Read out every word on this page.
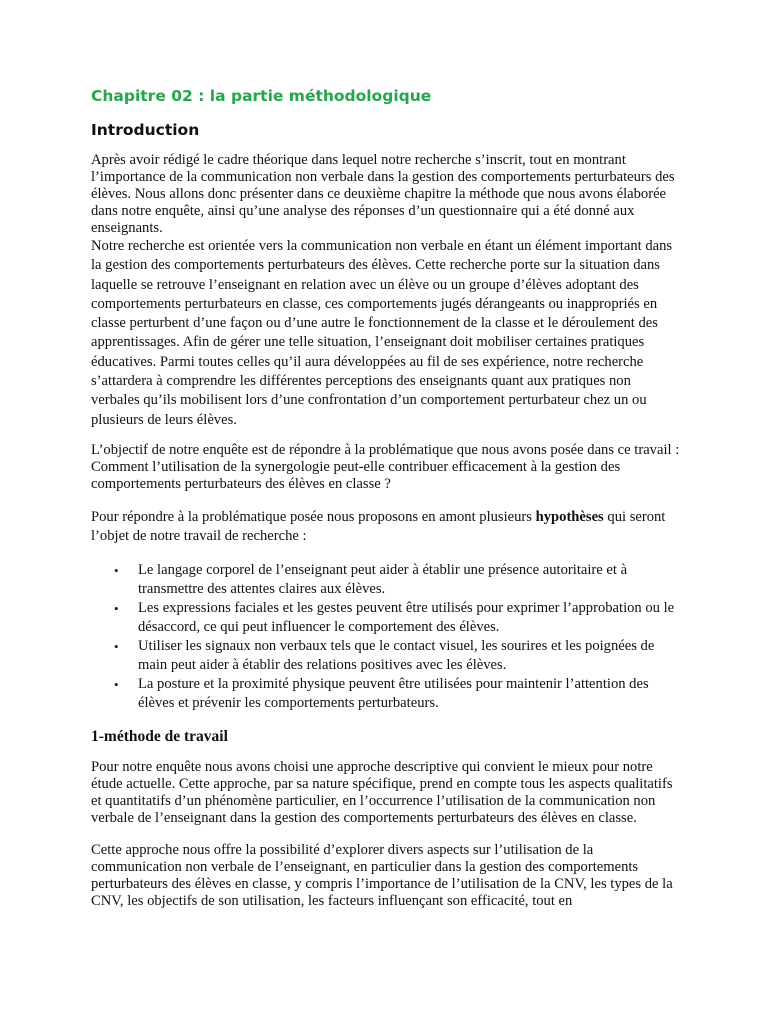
Chapitre 02 : la partie méthodologique
Introduction

Après avoir rédigé le cadre théorique dans lequel notre recherche s’inscrit, tout en montrant l’importance de la communication non verbale dans la gestion des comportements perturbateurs des élèves. Nous allons donc présenter dans ce deuxième chapitre la méthode que nous avons élaborée dans notre enquête, ainsi qu’une analyse des réponses d’un questionnaire qui a été donné aux enseignants.

Notre recherche est orientée vers la communication non verbale en étant un élément important dans la gestion des comportements perturbateurs des élèves. Cette recherche porte sur la situation dans laquelle se retrouve l’enseignant en relation avec un élève ou un groupe d’élèves adoptant des comportements perturbateurs en classe, ces comportements jugés dérangeants ou inappropriés en classe perturbent d’une façon ou d’une autre le fonctionnement de la classe et le déroulement des apprentissages. Afin de gérer une telle situation, l’enseignant doit mobiliser certaines pratiques éducatives. Parmi toutes celles qu’il aura développées au fil de ses expérience, notre recherche s’attardera à comprendre les différentes perceptions des enseignants quant aux pratiques non verbales qu’ils mobilisent lors d’une confrontation d’un comportement perturbateur chez un ou plusieurs de leurs élèves.

L’objectif de notre enquête est de répondre à la problématique que nous avons posée dans ce travail : Comment l’utilisation de la synergologie peut-elle contribuer efficacement à la gestion des comportements perturbateurs des élèves en classe ?

Pour répondre à la problématique posée nous proposons en amont plusieurs hypothèses qui seront l’objet de notre travail de recherche :

• Le langage corporel de l’enseignant peut aider à établir une présence autoritaire et à transmettre des attentes claires aux élèves.
• Les expressions faciales et les gestes peuvent être utilisés pour exprimer l’approbation ou le désaccord, ce qui peut influencer le comportement des élèves.
• Utiliser les signaux non verbaux tels que le contact visuel, les sourires et les poignées de main peut aider à établir des relations positives avec les élèves.
• La posture et la proximité physique peuvent être utilisées pour maintenir l’attention des élèves et prévenir les comportements perturbateurs.
1-méthode de travail

Pour notre enquête nous avons choisi une approche descriptive qui convient le mieux pour notre étude actuelle. Cette approche, par sa nature spécifique, prend en compte tous les aspects qualitatifs et quantitatifs d’un phénomène particulier, en l’occurrence l’utilisation de la communication non verbale de l’enseignant dans la gestion des comportements perturbateurs des élèves en classe.

Cette approche nous offre la possibilité d’explorer divers aspects sur l’utilisation de la communication non verbale de l’enseignant, en particulier dans la gestion des comportements perturbateurs des élèves en classe, y compris l’importance de l’utilisation de la CNV, les types de la CNV, les objectifs de son utilisation, les facteurs influençant son efficacité, tout en
